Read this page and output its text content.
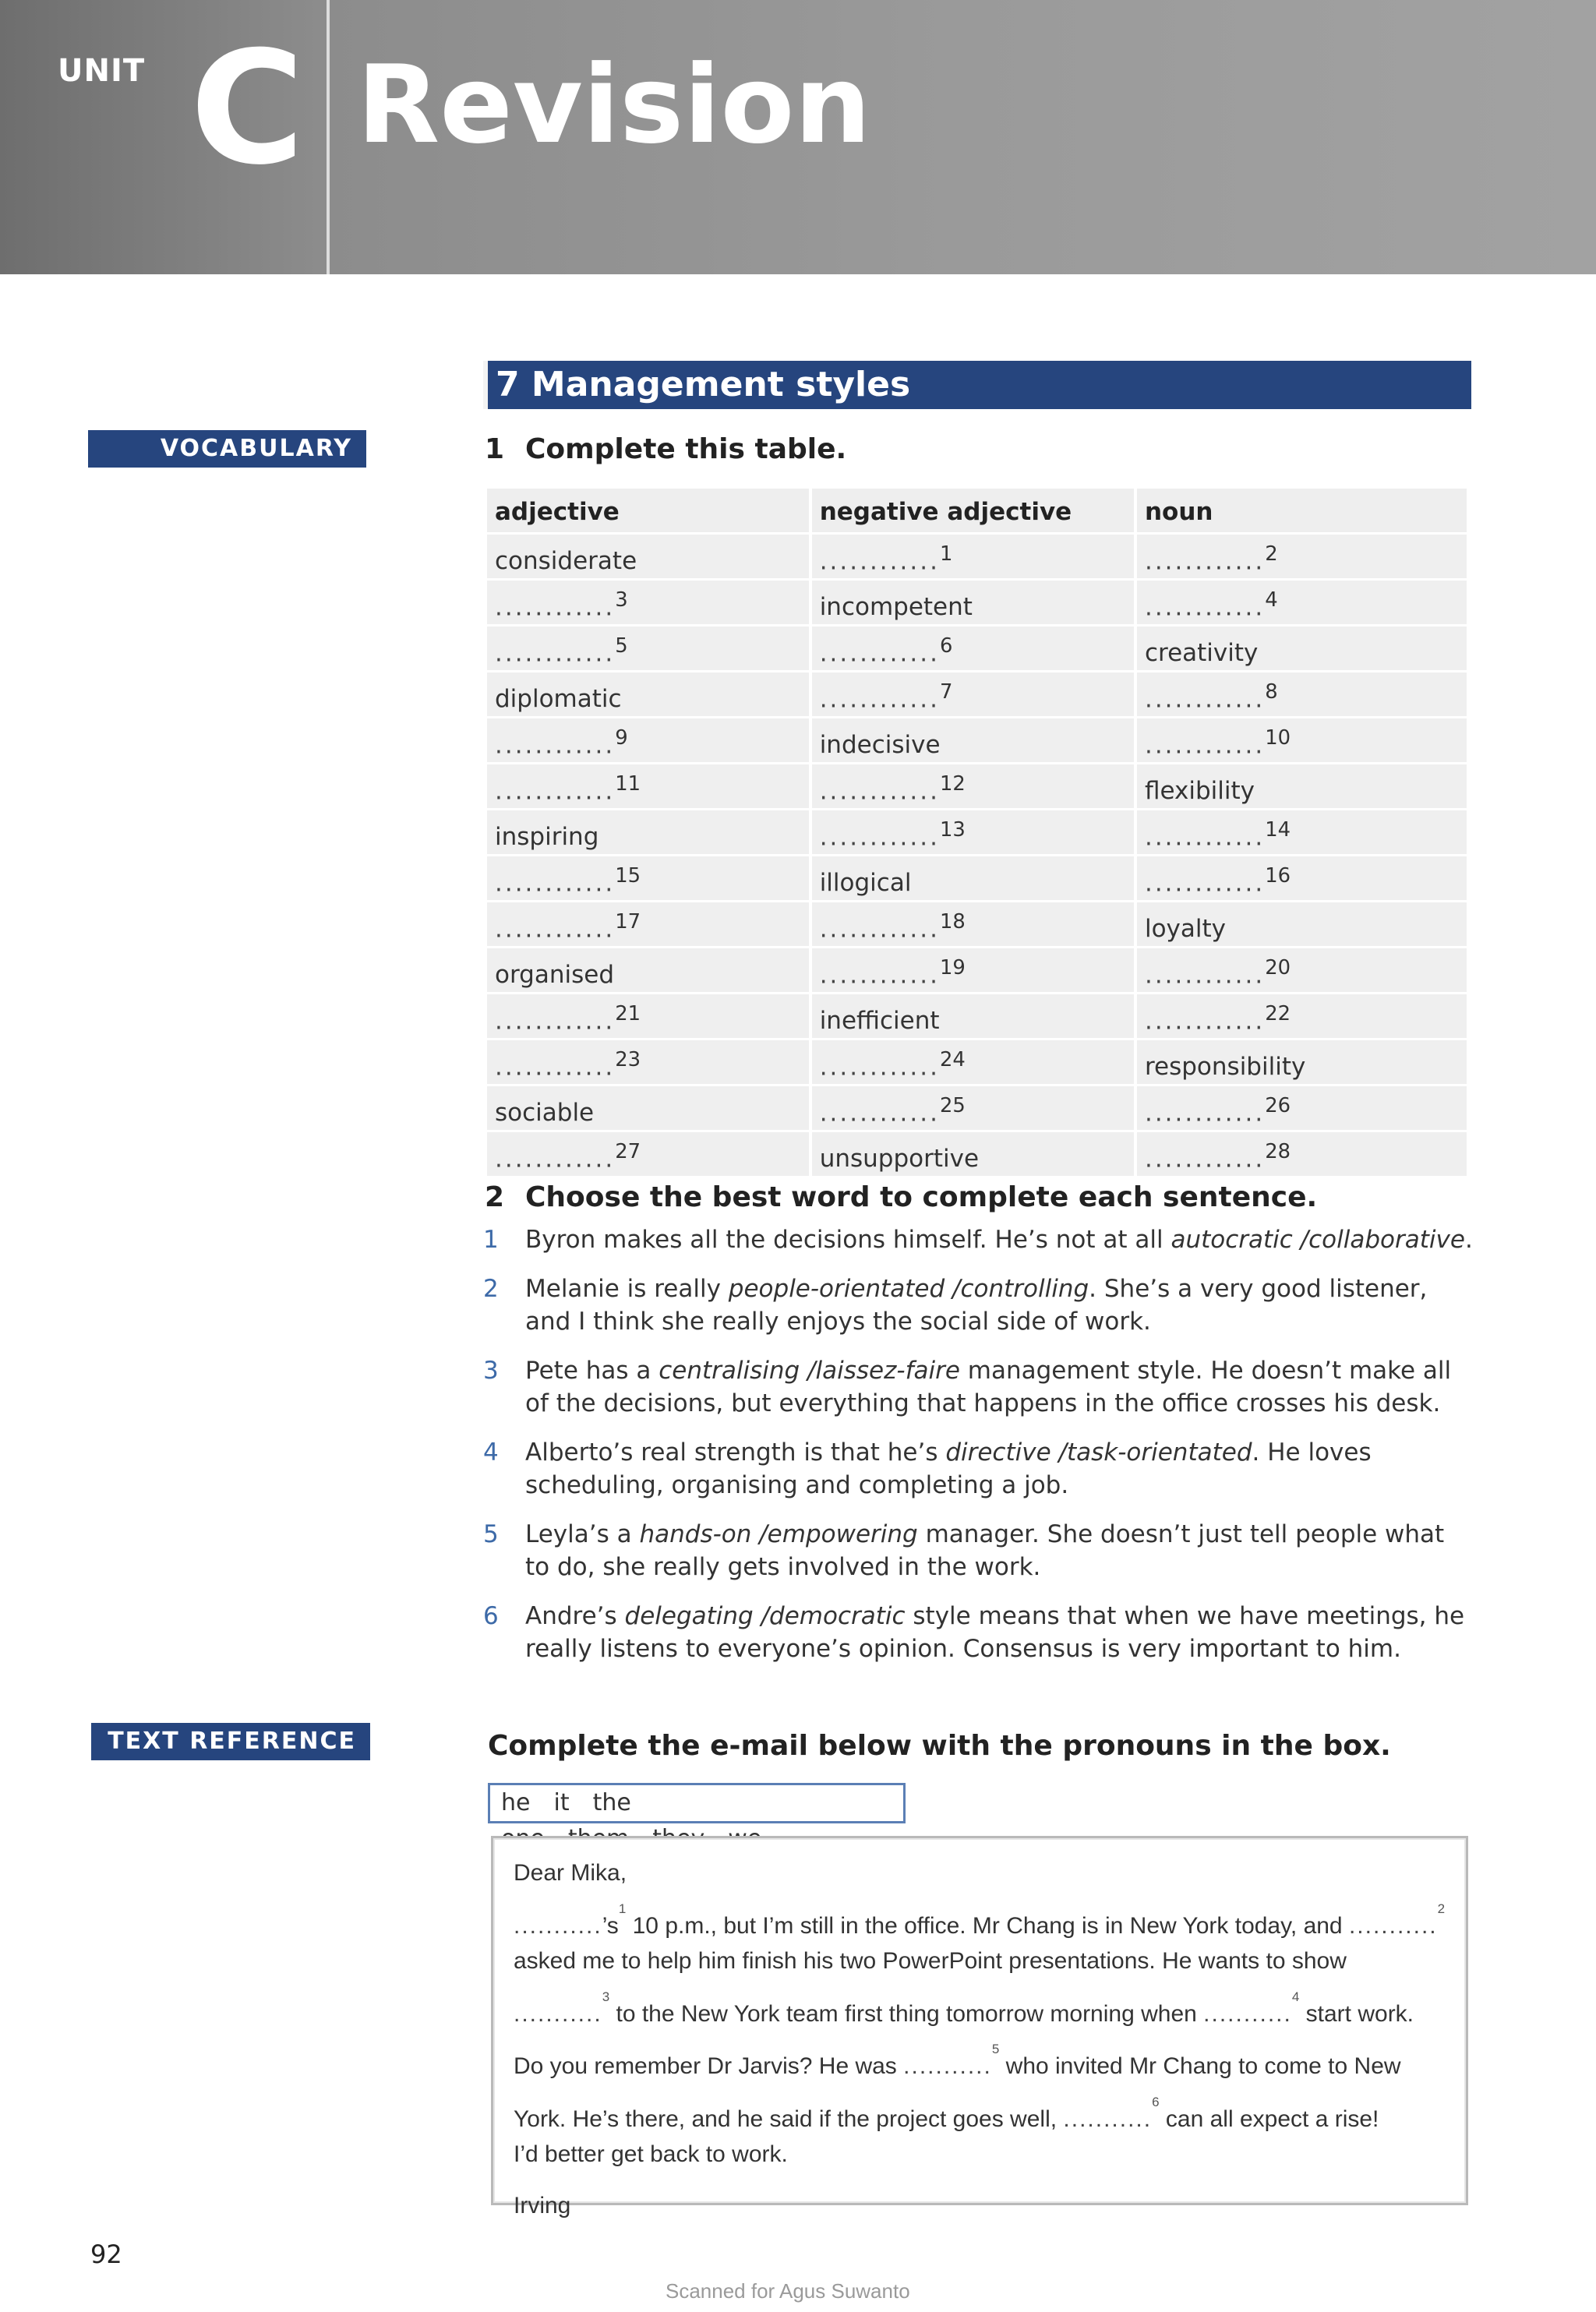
UNIT C Revision
7 Management styles
VOCABULARY	1 Complete this table.
adjective	negative adjective	noun
considerate	............$^1$	............$^2$
............$^3$	incompetent	............$^4$
............$^5$	............$^6$	creativity
diplomatic	............$^7$	............$^8$
............$^9$	indecisive	............$^{10}$
............$^{11}$	............$^{12}$	flexibility
inspiring	............$^{13}$	............$^{14}$
............$^{15}$	illogical	............$^{16}$
............$^{17}$	............$^{18}$	loyalty
organised	............$^{19}$	............$^{20}$
............$^{21}$	inefficient	............$^{22}$
............$^{23}$	............$^{24}$	responsibility
sociable	............$^{25}$	............$^{26}$
............$^{27}$	unsupportive	............$^{28}$
2 Choose the best word to complete each sentence.
1	Byron makes all the decisions himself. He’s not at all autocratic /collaborative.
2	Melanie is really people-orientated /controlling. She’s a very good listener, and I think she really enjoys the social side of work.
3	Pete has a centralising /laissez-faire management style. He doesn’t make all of the decisions, but everything that happens in the office crosses his desk.
4	Alberto’s real strength is that he’s directive /task-orientated. He loves scheduling, organising and completing a job.
5	Leyla’s a hands-on /empowering manager. She doesn’t just tell people what to do, she really gets involved in the work.
6	Andre’s delegating /democratic style means that when we have meetings, he really listens to everyone’s opinion. Consensus is very important to him.
TEXT REFERENCE	Complete the e-mail below with the pronouns in the box.
he it the

Dear Mika,

$...........’s^1$ 10 p.m., but I’m still in the office. Mr Chang is in New York today, and ...........$^2$ asked me to help him finish his two PowerPoint presentations. He wants to show ...........$^3$ to the New York team first thing tomorrow morning when ...........$^4$ start work.

Do you remember Dr Jarvis? He was ...........$^5$ who invited Mr Chang to come to New York. He’s there, and he said if the project goes well, ...........$^6$ can all expect a rise!

I’d better get back to work.

Irving

92
Scanned for Agus Suwanto
